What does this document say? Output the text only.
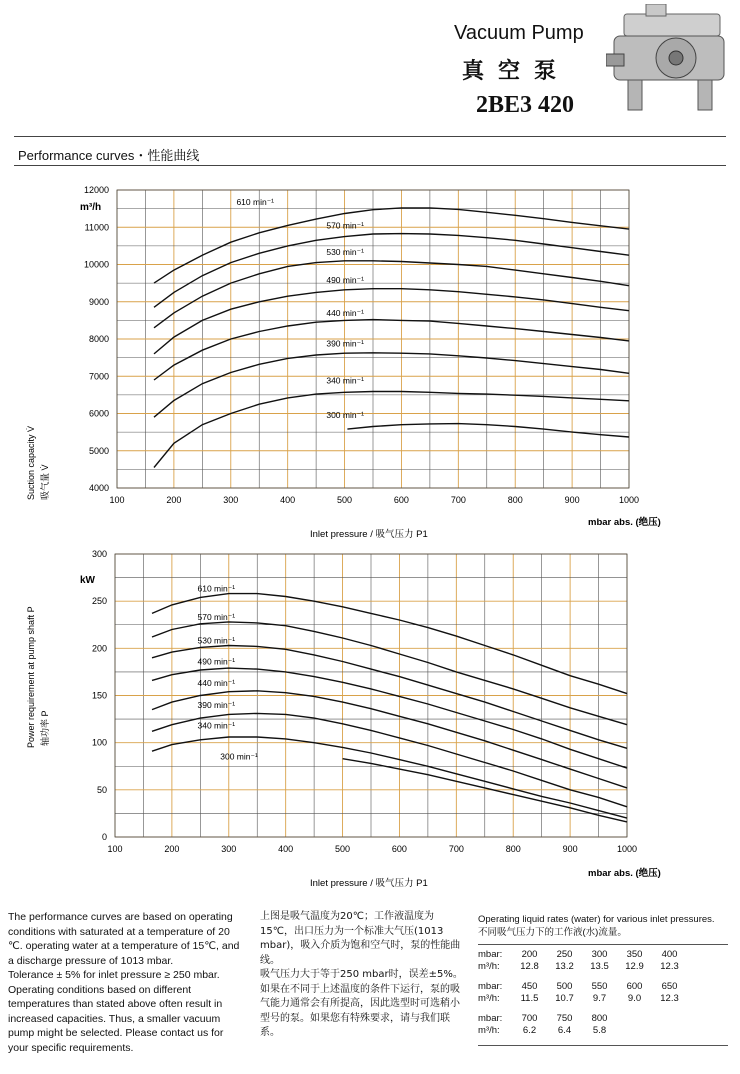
Vacuum Pump
真空泵
2BE3 420
Performance curves・性能曲线
100	200	300	400	500	600	700	800	900	1000
4000
5000
6000
7000
8000
9000
10000
11000
12000
610 min⁻¹
570 min⁻¹
530 min⁻¹
490 min⁻¹
440 min⁻¹
390 min⁻¹
340 min⁻¹
300 min⁻¹
m³/h
Suction capacity V̇ 吸气量 V̇
Inlet pressure / 吸气压力 P1
mbar abs. (绝压)
100	200	300	400	500	600	700	800	900	1000
0
50
100
150
200
250
300
610 min⁻¹
570 min⁻¹
530 min⁻¹
490 min⁻¹
440 min⁻¹
390 min⁻¹
340 min⁻¹
300 min⁻¹
kW
Power requirement at pump shaft P 轴功率 P
Inlet pressure / 吸气压力 P1
mbar abs. (绝压)
The performance curves are based on operating conditions with saturated at a temperature of 20 ℃. operating water at a temperature of 15℃, and a discharge pressure of 1013 mbar.
Tolerance ± 5% for inlet pressure ≥ 250 mbar. Operating conditions based on different temperatures than stated above often result in increased capacities. Thus, a smaller vacuum pump might be selected. Please contact us for your specific requirements.
上图是吸气温度为20℃；工作液温度为15℃，出口压力为一个标准大气压(1013 mbar)，吸入介质为饱和空气时，泵的性能曲线。
吸气压力大于等于250 mbar时，误差±5%。如果在不同于上述温度的条件下运行，泵的吸气能力通常会有所提高，因此选型时可选稍小型号的泵。如果您有特殊要求，请与我们联系。
Operating liquid rates (water) for various inlet pressures.
不同吸气压力下的工作液(水)流量。
mbar:	200	250	300	350	400
m³/h:	12.8	13.2	13.5	12.9	12.3
mbar:	450	500	550	600	650
m³/h:	11.5	10.7	9.7	9.0	12.3
mbar:	700	750	800
m³/h:	6.2	6.4	5.8
